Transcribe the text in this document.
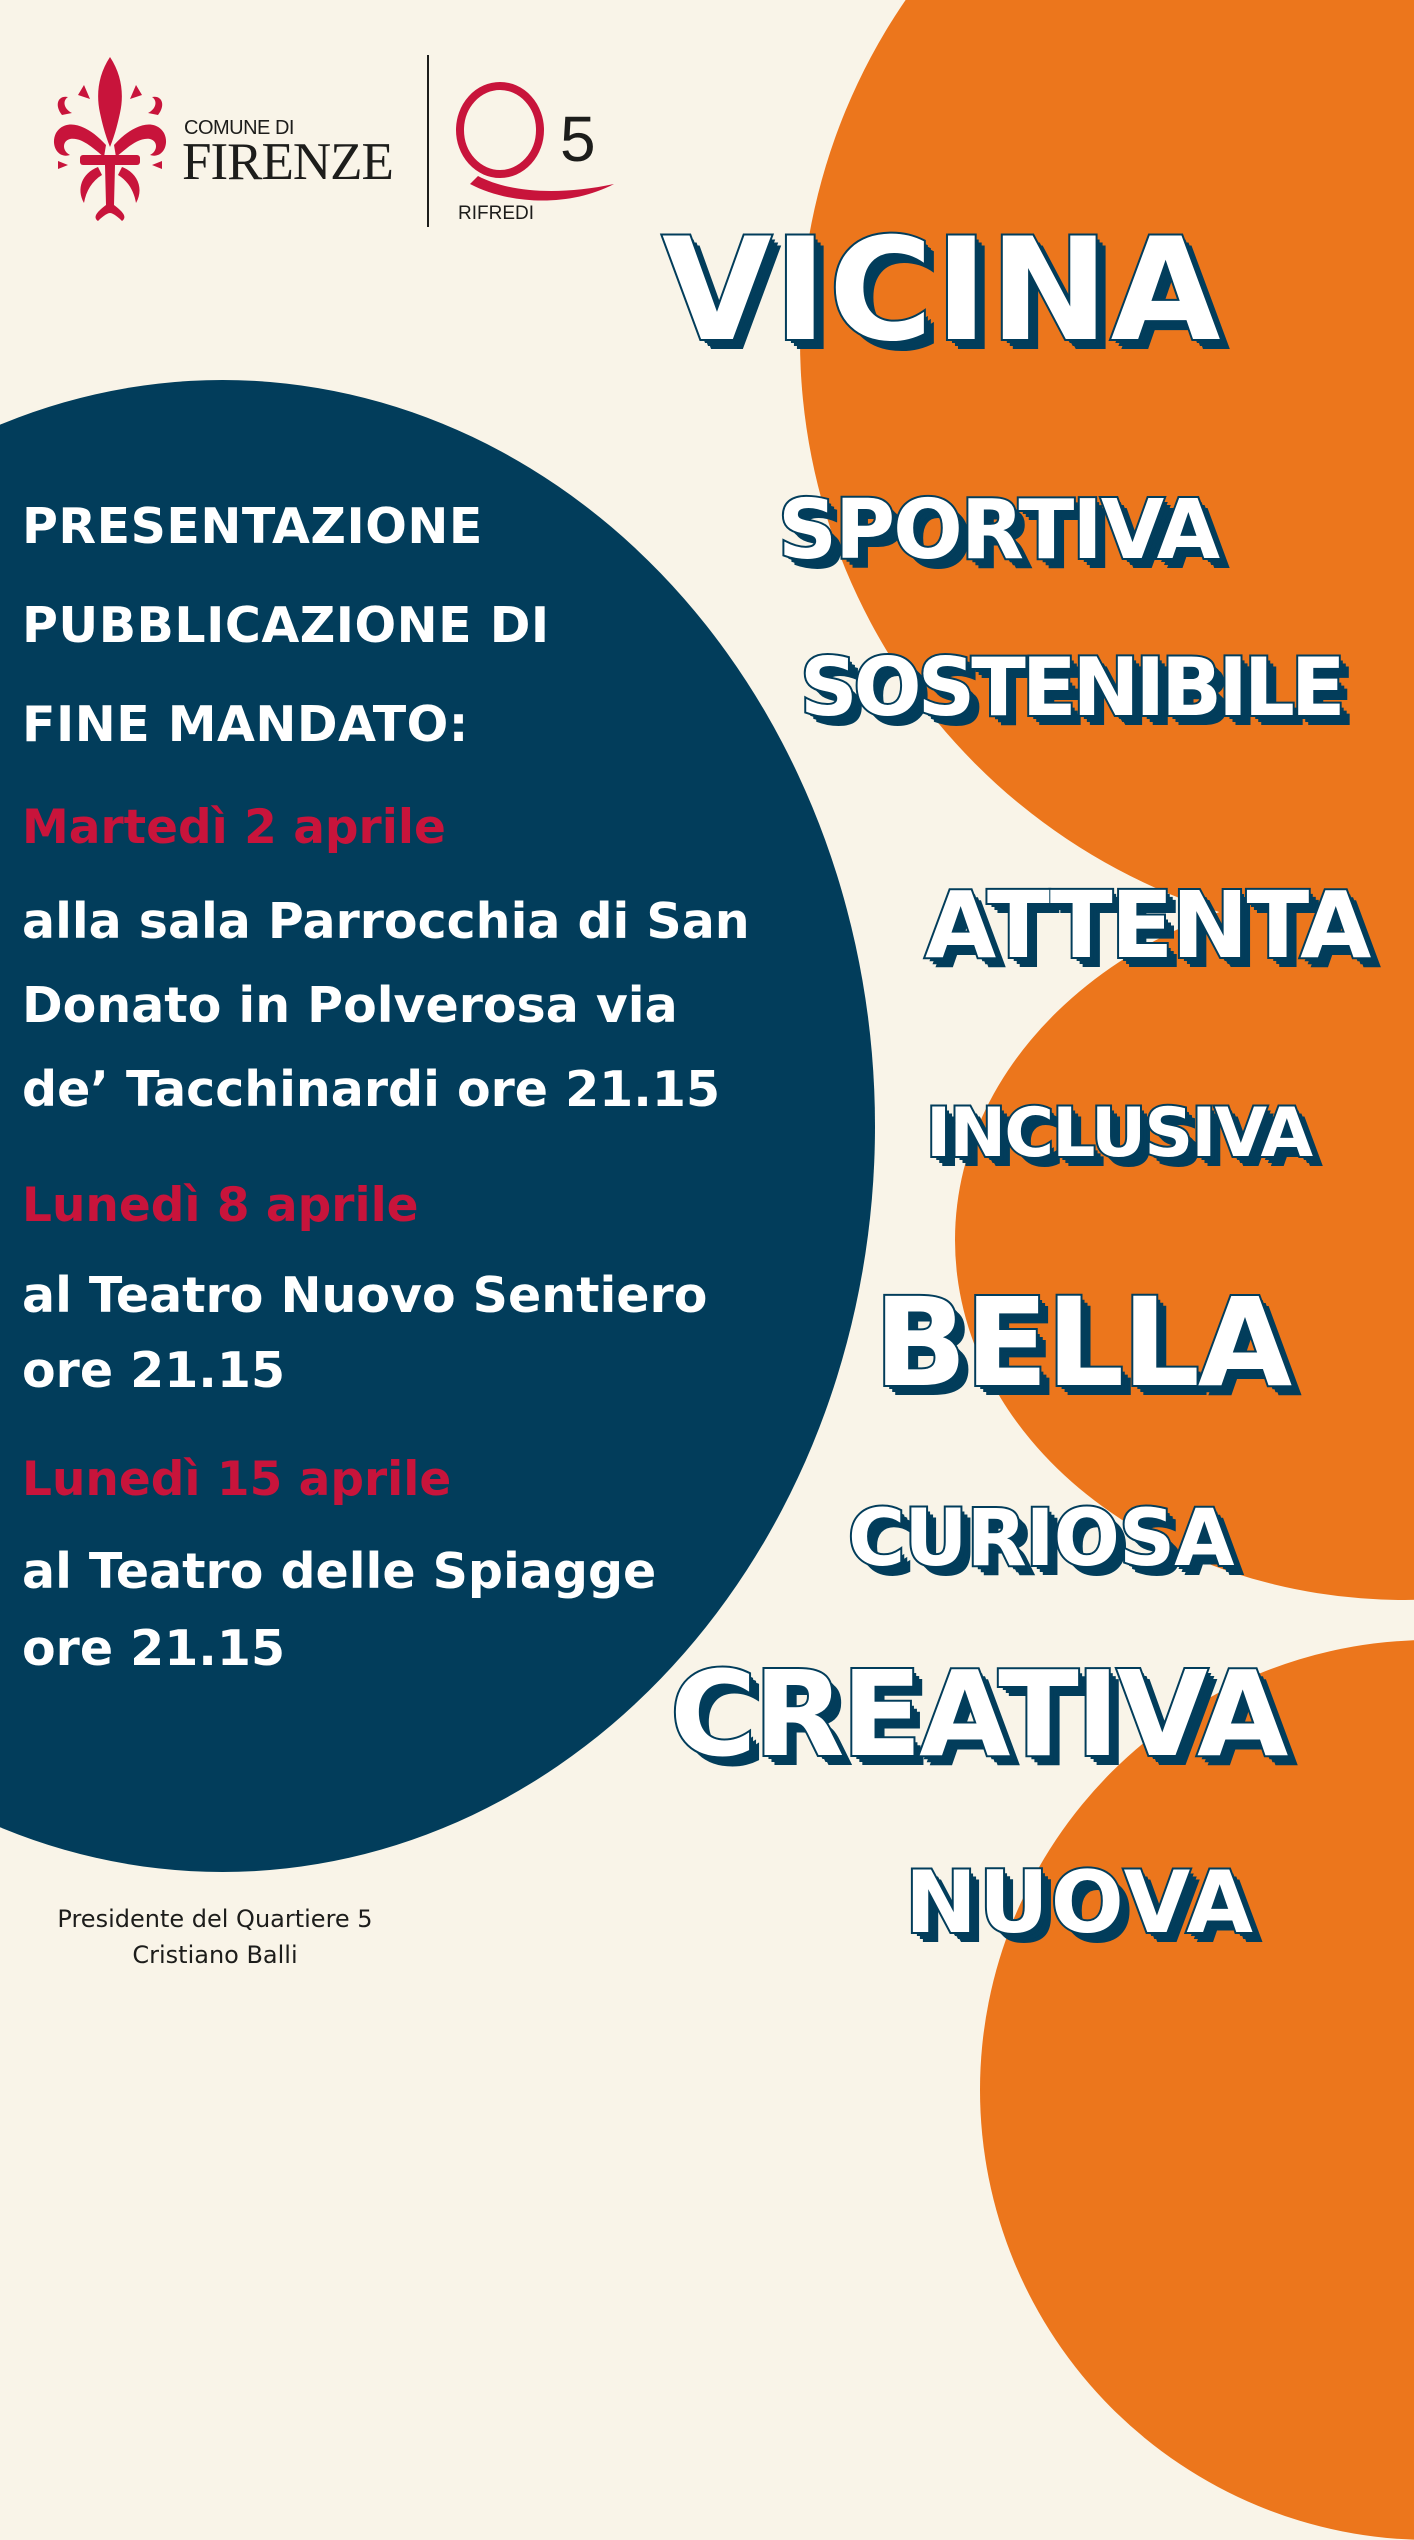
COMUNE DI
FIRENZE	5
RIFREDI
PRESENTAZIONE
PUBBLICAZIONE DI
FINE MANDATO:
Martedì 2 aprile
alla sala Parrocchia di San
Donato in Polverosa via
de’ Tacchinardi ore 21.15
Lunedì 8 aprile
al Teatro Nuovo Sentiero
ore 21.15
Lunedì 15 aprile
al Teatro delle Spiagge
ore 21.15
VICINA
SPORTIVA
SOSTENIBILE
ATTENTA
INCLUSIVA
BELLA
CURIOSA
CREATIVA
NUOVA
Presidente del Quartiere 5
Cristiano Balli
